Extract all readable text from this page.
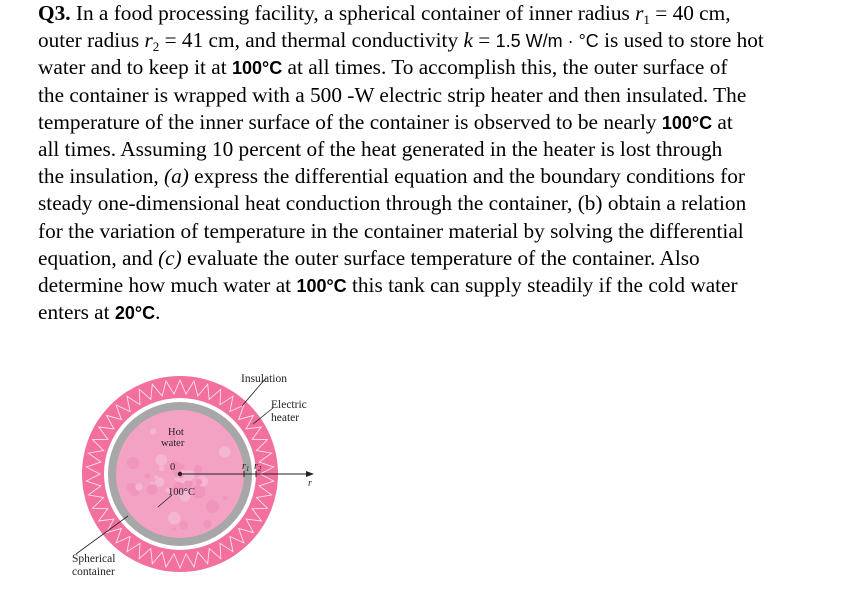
Q3. In a food processing facility, a spherical container of inner radius $r_1 = 40$ cm,
outer radius $r_2 = 41$ cm, and thermal conductivity k = 1.5 W/m · °C is used to store hot
water and to keep it at 100°C at all times. To accomplish this, the outer surface of
the container is wrapped with a 500 -W electric strip heater and then insulated. The
temperature of the inner surface of the container is observed to be nearly 100°C at
all times. Assuming 10 percent of the heat generated in the heater is lost through
the insulation, (a) express the differential equation and the boundary conditions for
steady one-dimensional heat conduction through the container, (b) obtain a relation
for the variation of temperature in the container material by solving the differential
equation, and (c) evaluate the outer surface temperature of the container. Also
determine how much water at 100°C this tank can supply steadily if the cold water
enters at 20°C.
Insulation
Electric
heater
Hot
water
0
100°C
$r_1$ $r_2$
r
Spherical
container
